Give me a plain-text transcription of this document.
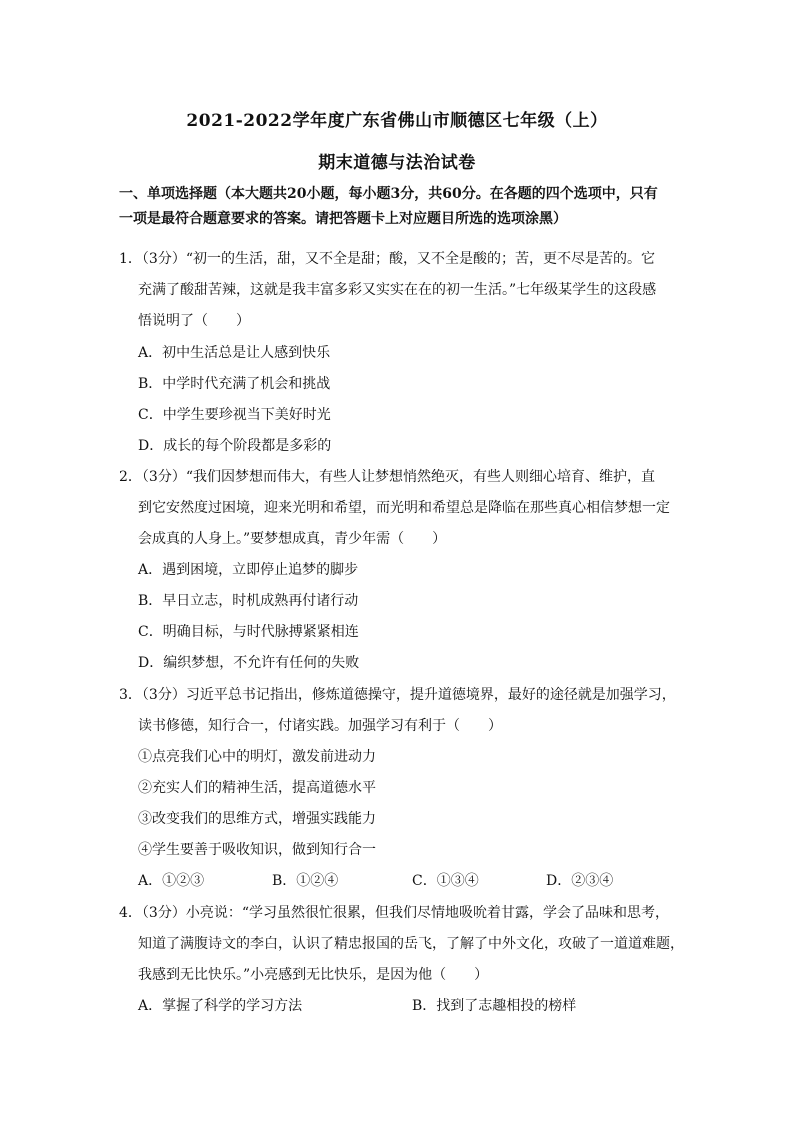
2021-2022学年度广东省佛山市顺德区七年级（上）
期末道德与法治试卷
一、单项选择题（本大题共20小题，每小题3分，共60分。在各题的四个选项中，只有
一项是最符合题意要求的答案。请把答题卡上对应题目所选的选项涂黑）
1．（3分）“初一的生活，甜，又不全是甜；酸，又不全是酸的；苦，更不尽是苦的。它
充满了酸甜苦辣，这就是我丰富多彩又实实在在的初一生活。”七年级某学生的这段感
悟说明了（　　）
A．初中生活总是让人感到快乐
B．中学时代充满了机会和挑战
C．中学生要珍视当下美好时光
D．成长的每个阶段都是多彩的
2．（3分）“我们因梦想而伟大，有些人让梦想悄然绝灭，有些人则细心培育、维护，直
到它安然度过困境，迎来光明和希望，而光明和希望总是降临在那些真心相信梦想一定
会成真的人身上。”要梦想成真，青少年需（　　）
A．遇到困境，立即停止追梦的脚步
B．早日立志，时机成熟再付诸行动
C．明确目标，与时代脉搏紧紧相连
D．编织梦想，不允许有任何的失败
3．（3分）习近平总书记指出，修炼道德操守，提升道德境界，最好的途径就是加强学习，
读书修德，知行合一，付诸实践。加强学习有利于（　　）
①点亮我们心中的明灯，激发前进动力
②充实人们的精神生活，提高道德水平
③改变我们的思维方式，增强实践能力
④学生要善于吸收知识，做到知行合一
A．①②③	B．①②④	C．①③④	D．②③④
4．（3分）小亮说：“学习虽然很忙很累，但我们尽情地吸吮着甘露，学会了品味和思考，
知道了满腹诗文的李白，认识了精忠报国的岳飞，了解了中外文化，攻破了一道道难题，
我感到无比快乐。”小亮感到无比快乐，是因为他（　　）
A．掌握了科学的学习方法	B．找到了志趣相投的榜样
